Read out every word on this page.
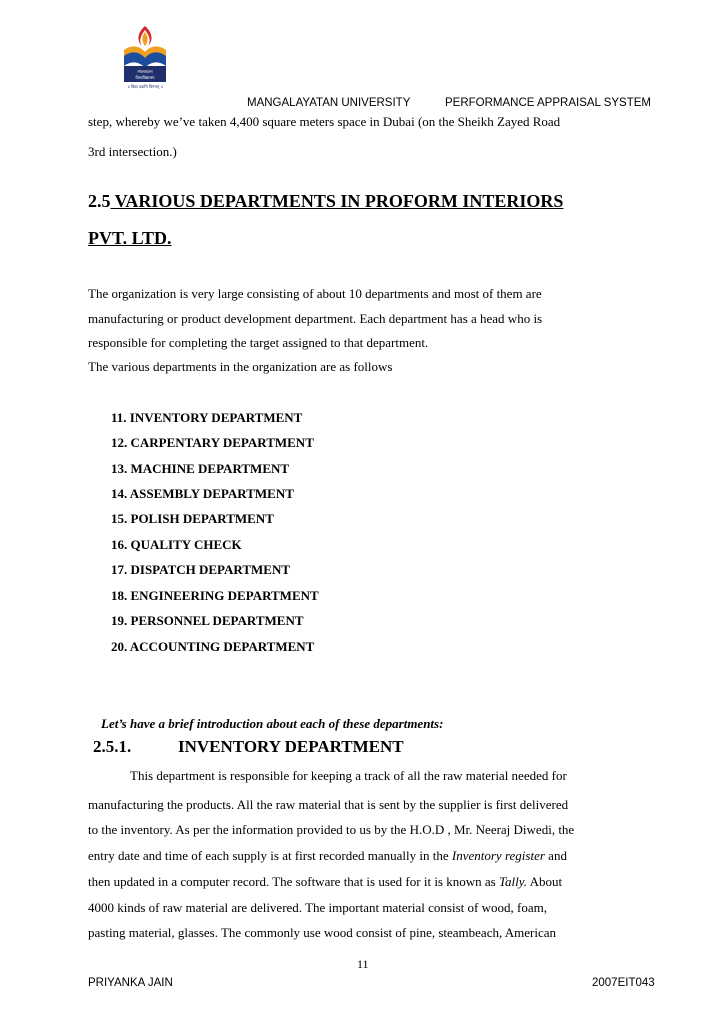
मंगलायतन
विश्वविद्यालय
॥ विद्या ददाति विनयम् ॥
MANGALAYATAN UNIVERSITY	PERFORMANCE APPRAISAL SYSTEM
step, whereby we’ve taken 4,400 square meters space in Dubai (on the Sheikh Zayed Road
3rd intersection.)
2.5 VARIOUS DEPARTMENTS IN PROFORM INTERIORS
PVT. LTD.
The organization is very large consisting of about 10 departments and most of them are
manufacturing or product development department. Each department has a head who is
responsible for completing the target assigned to that department.
The various departments in the organization are as follows
11. INVENTORY DEPARTMENT
12. CARPENTARY DEPARTMENT
13. MACHINE DEPARTMENT
14. ASSEMBLY DEPARTMENT
15. POLISH DEPARTMENT
16. QUALITY CHECK
17. DISPATCH DEPARTMENT
18. ENGINEERING DEPARTMENT
19. PERSONNEL DEPARTMENT
20. ACCOUNTING DEPARTMENT
Let’s have a brief introduction about each of these departments:
2.5.1.	INVENTORY DEPARTMENT
This department is responsible for keeping a track of all the raw material needed for
manufacturing the products. All the raw material that is sent by the supplier is first delivered
to the inventory. As per the information provided to us by the H.O.D , Mr. Neeraj Diwedi, the
entry date and time of each supply is at first recorded manually in the Inventory register and
then updated in a computer record. The software that is used for it is known as Tally. About
4000 kinds of raw material are delivered. The important material consist of wood, foam,
pasting material, glasses. The commonly use wood consist of pine, steambeach, American
11
PRIYANKA JAIN	2007EIT043
